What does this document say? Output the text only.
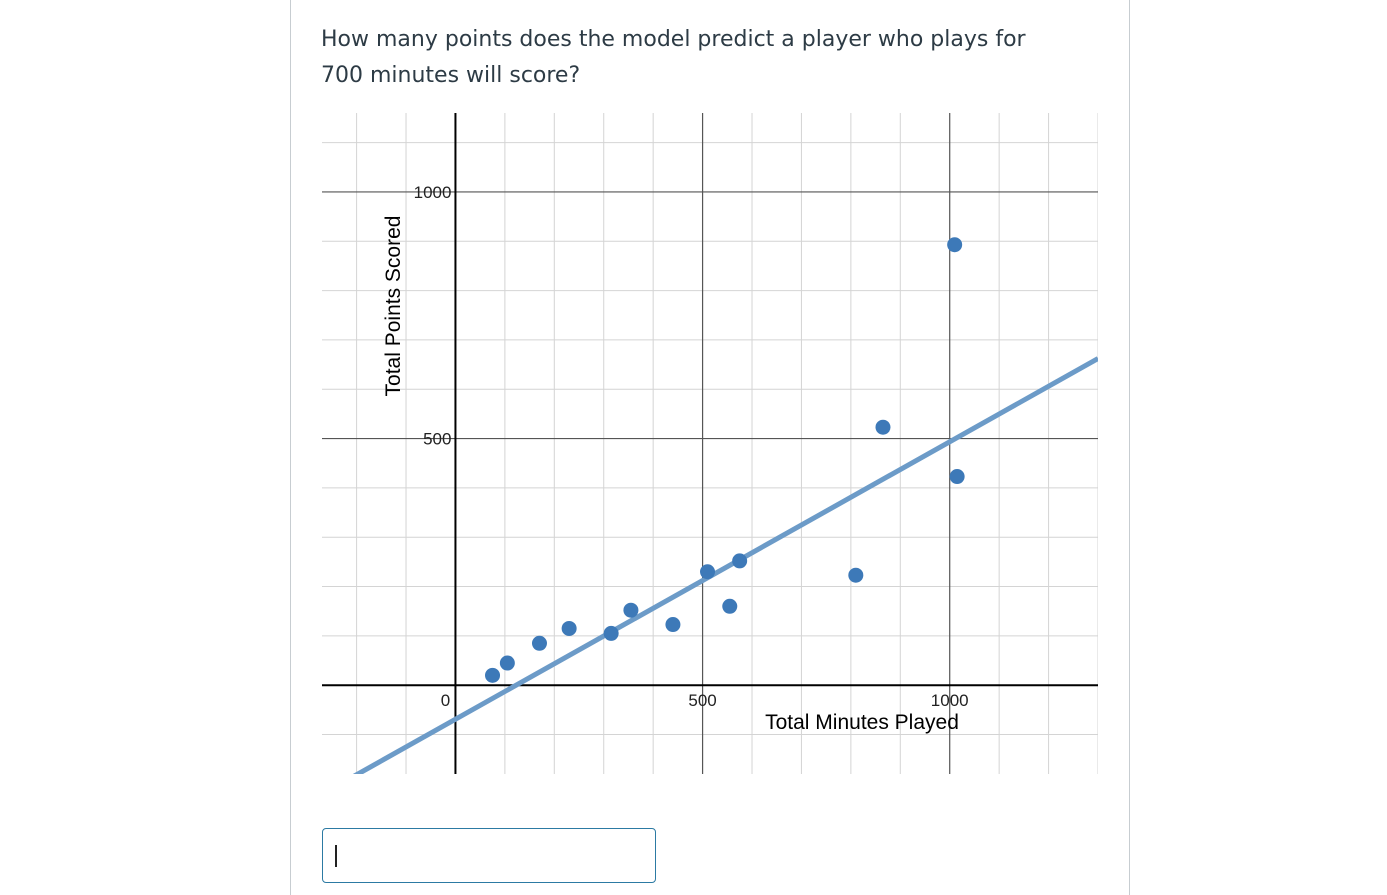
How many points does the model predict a player who plays for 700 minutes will score?
0	500	1000
500
1000
Total Minutes Played
Total Points Scored
